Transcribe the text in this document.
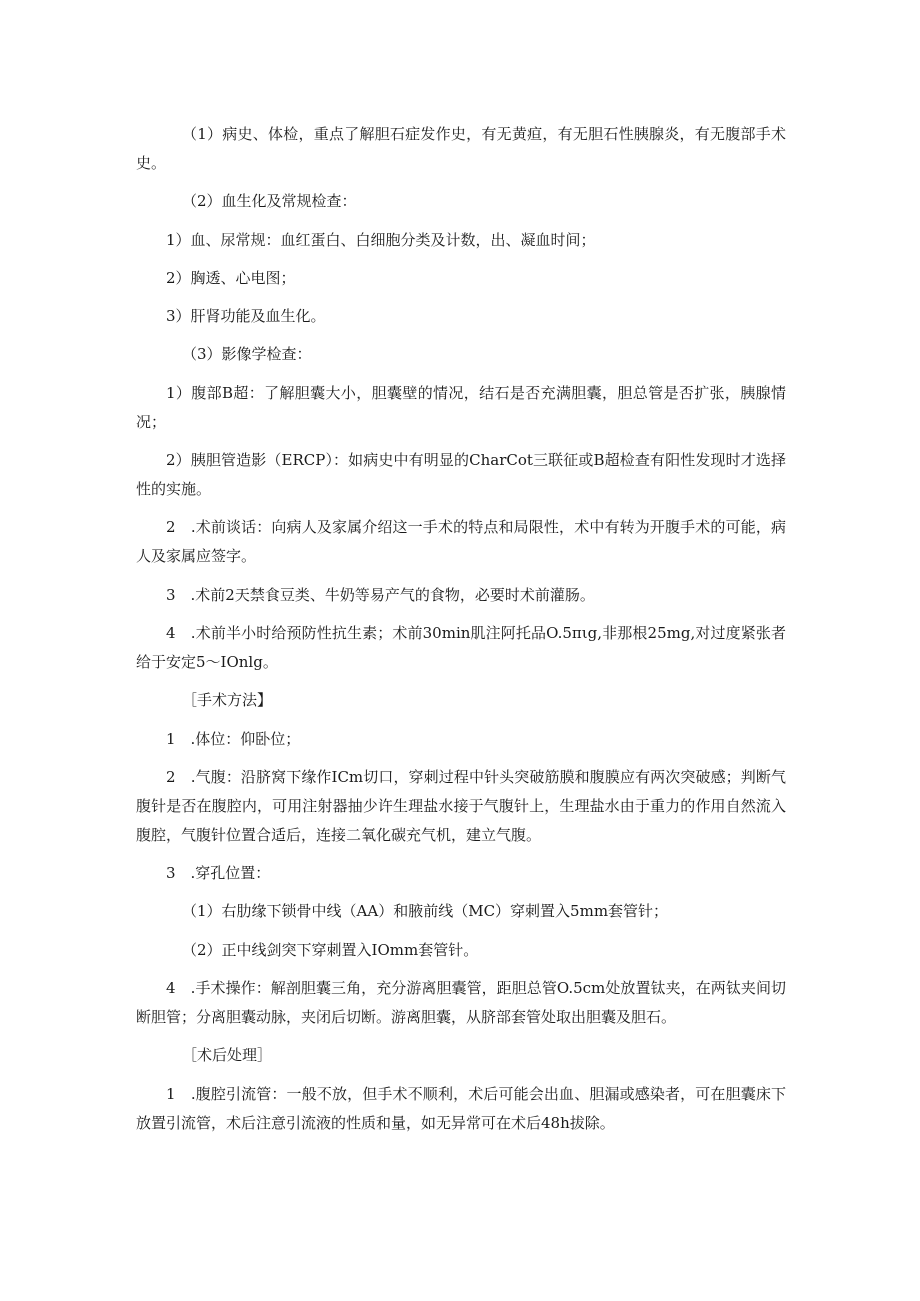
（1）病史、体检，重点了解胆石症发作史，有无黄疸，有无胆石性胰腺炎，有无腹部手术史。

（2）血生化及常规检查：

1）血、尿常规：血红蛋白、白细胞分类及计数，出、凝血时间；

2）胸透、心电图；

3）肝肾功能及血生化。

（3）影像学检查：

1）腹部B超：了解胆囊大小，胆囊壁的情况，结石是否充满胆囊，胆总管是否扩张，胰腺情况；

2）胰胆管造影（ERCP）：如病史中有明显的CharCot三联征或B超检查有阳性发现时才选择性的实施。

2　.术前谈话：向病人及家属介绍这一手术的特点和局限性，术中有转为开腹手术的可能，病人及家属应签字。

3　.术前2天禁食豆类、牛奶等易产气的食物，必要时术前灌肠。

4　.术前半小时给预防性抗生素；术前30min肌注阿托品O.5πιg,非那根25mg,对过度紧张者给于安定5～IOnlg。

［手术方法】

1　.体位：仰卧位；

2　.气腹：沿脐窝下缘作ICm切口，穿刺过程中针头突破筋膜和腹膜应有两次突破感；判断气腹针是否在腹腔内，可用注射器抽少许生理盐水接于气腹针上，生理盐水由于重力的作用自然流入腹腔，气腹针位置合适后，连接二氧化碳充气机，建立气腹。

3　.穿孔位置：

（1）右肋缘下锁骨中线（AA）和腋前线（MC）穿刺置入5mm套管针；

（2）正中线剑突下穿刺置入IOmm套管针。

4　.手术操作：解剖胆囊三角，充分游离胆囊管，距胆总管O.5cm处放置钛夹，在两钛夹间切断胆管；分离胆囊动脉，夹闭后切断。游离胆囊，从脐部套管处取出胆囊及胆石。

［术后处理］

1　.腹腔引流管：一般不放，但手术不顺利，术后可能会出血、胆漏或感染者，可在胆囊床下放置引流管，术后注意引流液的性质和量，如无异常可在术后48h拔除。
